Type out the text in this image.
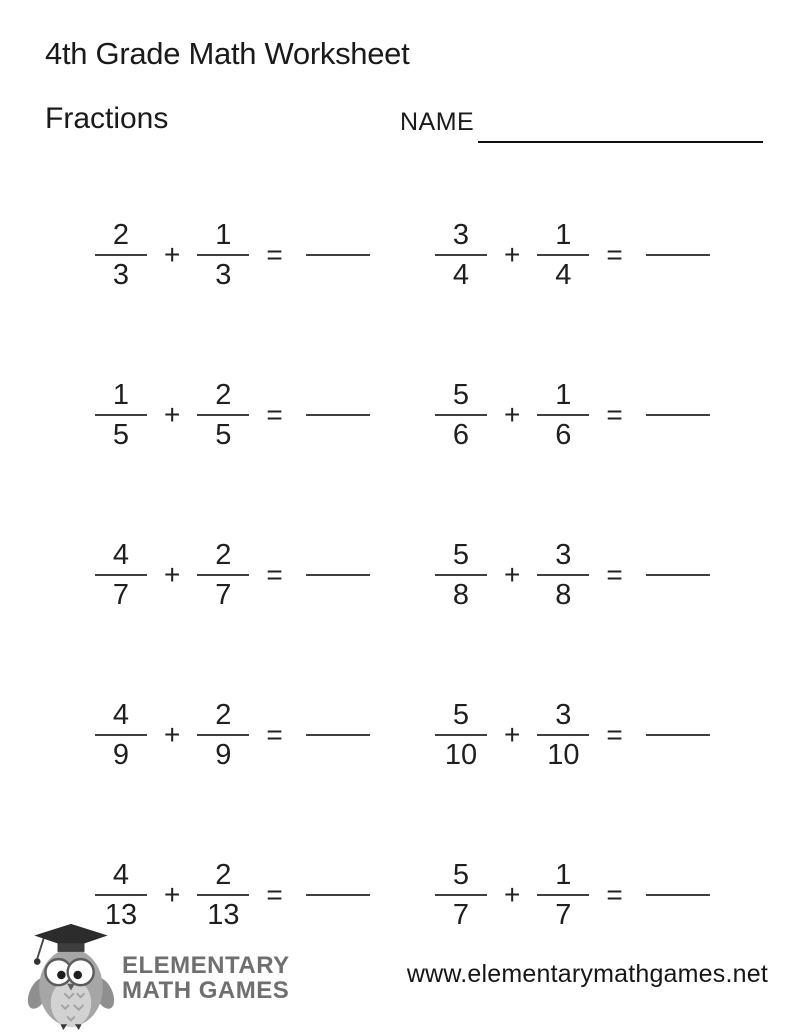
4th Grade Math Worksheet
Fractions	NAME
$\frac{2}{3} + \frac{1}{3}$ =	$\frac{3}{4} + \frac{1}{4}$ =
$\frac{1}{5} + \frac{2}{5}$ =	$\frac{5}{6} + \frac{1}{6}$ =
$\frac{4}{7} + \frac{2}{7}$ =	$\frac{5}{8} + \frac{3}{8}$ =
$\frac{4}{9} + \frac{2}{9}$ =	$\frac{5}{10} + \frac{3}{10}$ =
$\frac{4}{13} + \frac{2}{13}$ =	$\frac{5}{7} + \frac{1}{7}$ =
ELEMENTARY
MATH GAMES
www.elementarymathgames.net
